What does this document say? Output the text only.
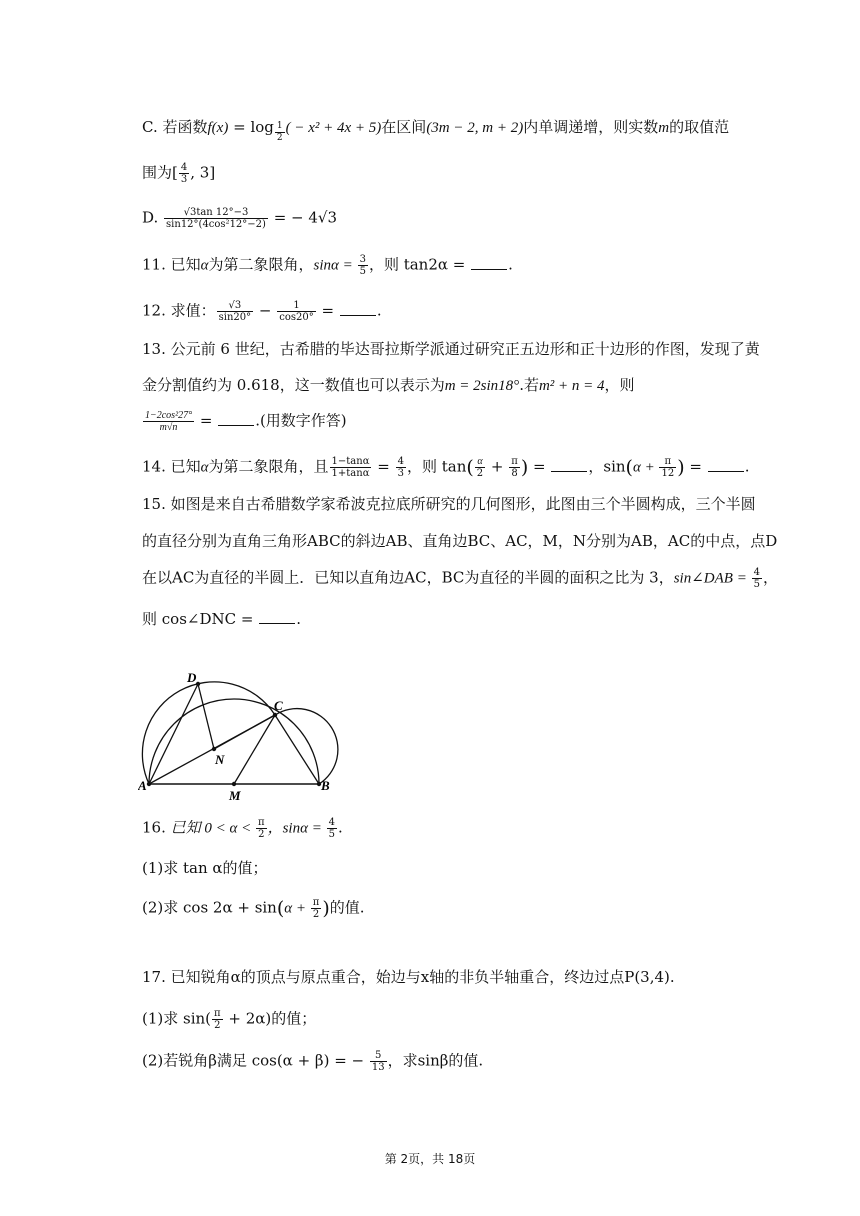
C. 若函数$f(x) = \log \frac{1}{2}$ ( − x² + 4x + 5)在区间(3m − 2, m + 2)内单调递增，则实数m的取值范
围为[ $\frac{4}{3}$ , 3]
D. $\frac{√3\tan 12^\circ-3}{\text{sin12°(4cos²12°−2)}}$ = − 4√3
11. 已知α为第二象限角，$\sin\alpha = \frac{3}{5}$ ，则 tan2α =	.
12. 求值： $\frac{√3}{\sin 20^\circ} - \frac{1}{\cos 20^\circ}$ =	.
13. 公元前 6 世纪，古希腊的毕达哥拉斯学派通过研究正五边形和正十边形的作图，发现了黄
金分割值约为 0.618，这一数值也可以表示为m = 2sin18°.若m² + n = 4，则
$\frac{\text{1−2cos²27°}}{m√n}$ =	.(用数字作答)
14. 已知α为第二象限角，且 $\frac{1-\tan\alpha}{1+\tan\alpha} = \frac{4}{3}$ ，则 $\tan( \frac{\alpha}{2} + \frac{\pi}{8}$ ) =	，$\sin(\alpha + \frac{\pi}{12}$ ) =	.
15. 如图是来自古希腊数学家希波克拉底所研究的几何图形，此图由三个半圆构成，三个半圆
的直径分别为直角三角形ABC的斜边AB、直角边BC、AC，M，N分别为AB，AC的中点，点D
在以AC为直径的半圆上．已知以直角边AC，BC为直径的半圆的面积之比为 3，sin∠DAB = $\frac{4}{5}$ ，
则 cos∠DNC =	.
D
C
N
A	B
M
16. 已知 $0 < \alpha < \frac{\pi}{2}$ ，$\sin\alpha = \frac{4}{5}$ .
(1)求 tan α的值；
(2)求 $\cos 2\alpha + \sin(\alpha + \frac{\pi}{2}$ )的值.
17. 已知锐角α的顶点与原点重合，始边与x轴的非负半轴重合，终边过点P(3,4).
(1)求 $\sin( \frac{\pi}{2} + 2\alpha)$的值；
(2)若锐角β满足 cos(α + β) = − $\frac{5}{13}$ ，求sinβ的值.
第 2页，共 18页
